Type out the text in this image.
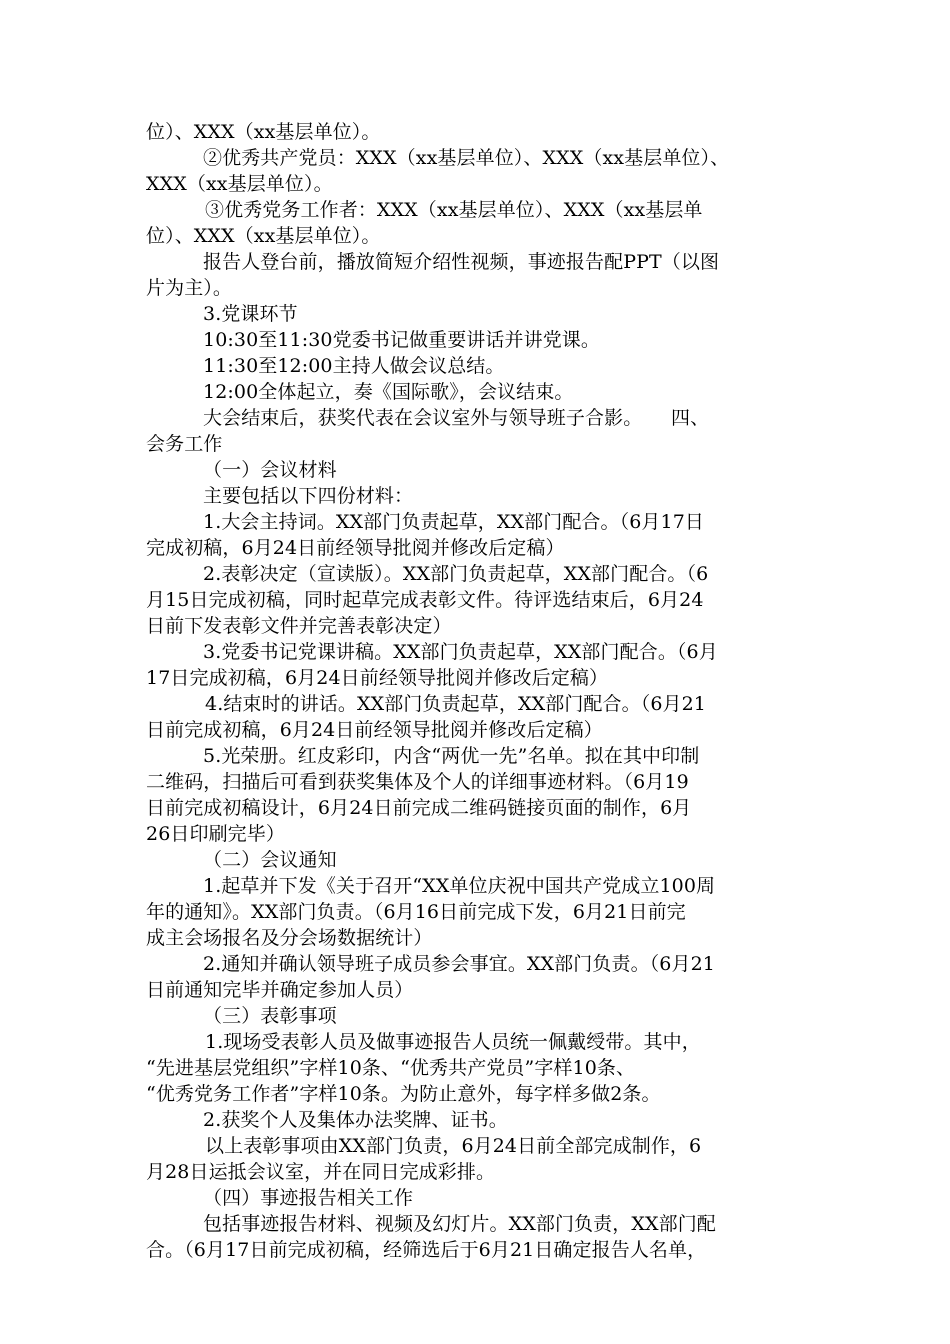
位）、XXX（xx基层单位）。
②优秀共产党员：XXX（xx基层单位）、XXX（xx基层单位）、
XXX（xx基层单位）。
③优秀党务工作者：XXX（xx基层单位）、XXX（xx基层单
位）、XXX（xx基层单位）。
报告人登台前，播放简短介绍性视频，事迹报告配PPT（以图
片为主）。
3.党课环节
10:30至11:30党委书记做重要讲话并讲党课。
11:30至12:00主持人做会议总结。
12:00全体起立，奏《国际歌》，会议结束。
大会结束后，获奖代表在会议室外与领导班子合影。　　四、
会务工作
（一）会议材料
主要包括以下四份材料：
1.大会主持词。XX部门负责起草，XX部门配合。（6月17日
完成初稿，6月24日前经领导批阅并修改后定稿）
2.表彰决定（宣读版）。XX部门负责起草，XX部门配合。（6
月15日完成初稿，同时起草完成表彰文件。待评选结束后，6月24
日前下发表彰文件并完善表彰决定）
3.党委书记党课讲稿。XX部门负责起草，XX部门配合。（6月
17日完成初稿，6月24日前经领导批阅并修改后定稿）
4.结束时的讲话。XX部门负责起草，XX部门配合。（6月21
日前完成初稿，6月24日前经领导批阅并修改后定稿）
5.光荣册。红皮彩印，内含“两优一先”名单。拟在其中印制
二维码，扫描后可看到获奖集体及个人的详细事迹材料。（6月19
日前完成初稿设计，6月24日前完成二维码链接页面的制作，6月
26日印刷完毕）
（二）会议通知
1.起草并下发《关于召开“XX单位庆祝中国共产党成立100周
年的通知》。XX部门负责。（6月16日前完成下发，6月21日前完
成主会场报名及分会场数据统计）
2.通知并确认领导班子成员参会事宜。XX部门负责。（6月21
日前通知完毕并确定参加人员）
（三）表彰事项
1.现场受表彰人员及做事迹报告人员统一佩戴绶带。其中，
“先进基层党组织”字样10条、“优秀共产党员”字样10条、
“优秀党务工作者”字样10条。为防止意外，每字样多做2条。
2.获奖个人及集体办法奖牌、证书。
以上表彰事项由XX部门负责，6月24日前全部完成制作，6
月28日运抵会议室，并在同日完成彩排。
（四）事迹报告相关工作
包括事迹报告材料、视频及幻灯片。XX部门负责，XX部门配
合。（6月17日前完成初稿，经筛选后于6月21日确定报告人名单，
